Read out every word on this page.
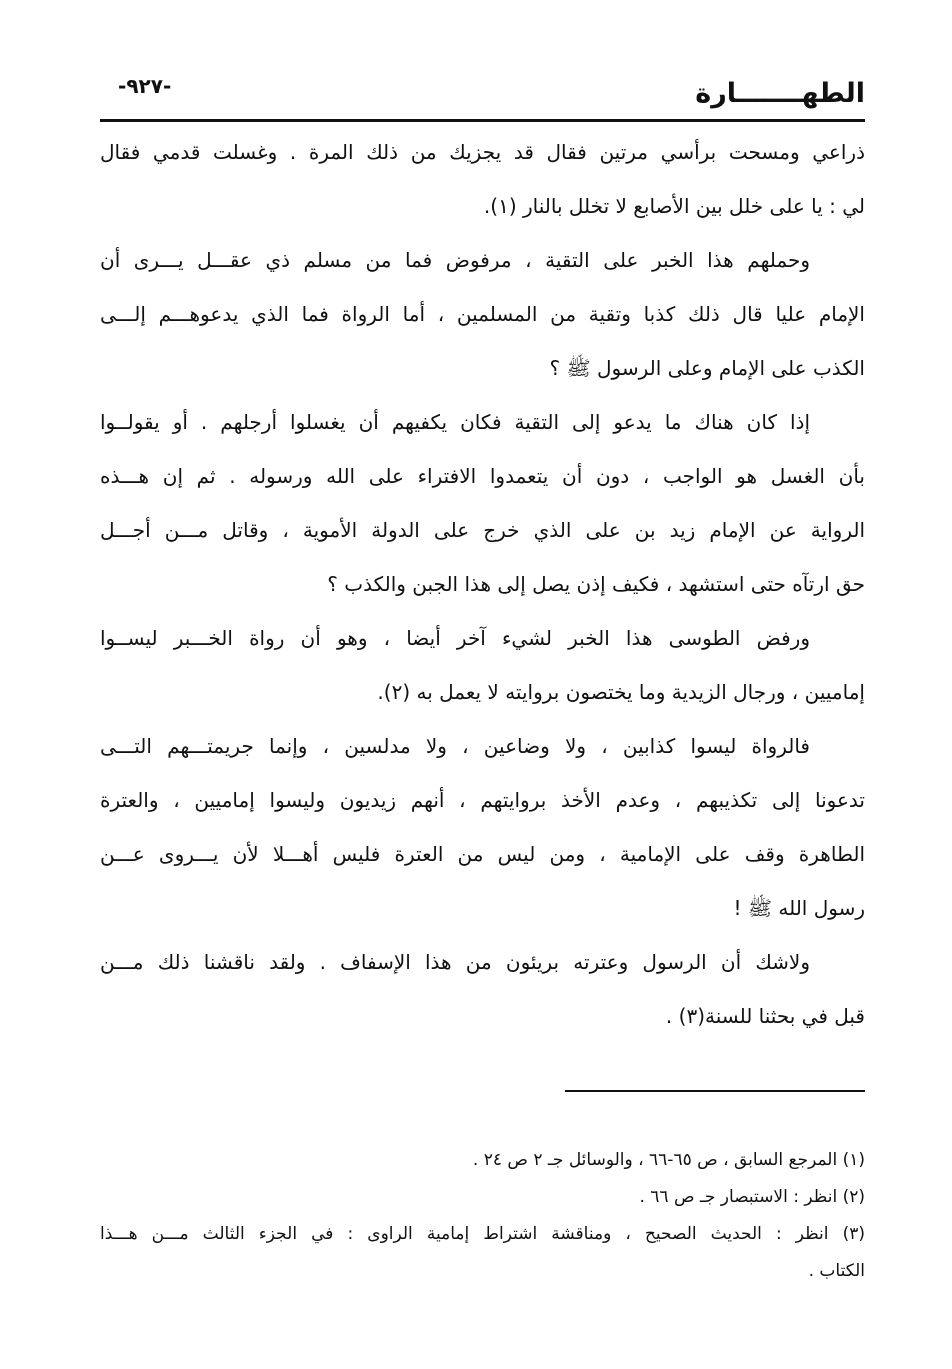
-٩٢٧-	الطهـــــــارة
ذراعي ومسحت برأسي مرتين فقال قد يجزيك من ذلك المرة . وغسلت قدمي فقال
لي : يا على خلل بين الأصابع لا تخلل بالنار (١).
وحملهم هذا الخبر على التقية ، مرفوض فما من مسلم ذي عقـــل يـــرى أن
الإمام عليا قال ذلك كذبا وتقية من المسلمين ، أما الرواة فما الذي يدعوهـــم إلـــى
الكذب على الإمام وعلى الرسول ﷺ ؟
إذا كان هناك ما يدعو إلى التقية فكان يكفيهم أن يغسلوا أرجلهم . أو يقولــوا
بأن الغسل هو الواجب ، دون أن يتعمدوا الافتراء على الله ورسوله . ثم إن هـــذه
الرواية عن الإمام زيد بن على الذي خرج على الدولة الأموية ، وقاتل مـــن أجـــل
حق ارتآه حتى استشهد ، فكيف إذن يصل إلى هذا الجبن والكذب ؟
ورفض الطوسى هذا الخبر لشيء آخر أيضا ، وهو أن رواة الخـــبر ليســوا
إماميين ، ورجال الزيدية وما يختصون بروايته لا يعمل به (٢).
فالرواة ليسوا كذابين ، ولا وضاعين ، ولا مدلسين ، وإنما جريمتـــهم التـــى
تدعونا إلى تكذيبهم ، وعدم الأخذ بروايتهم ، أنهم زيديون وليسوا إماميين ، والعترة
الطاهرة وقف على الإمامية ، ومن ليس من العترة فليس أهـــلا لأن يـــروى عـــن
رسول الله ﷺ !
ولاشك أن الرسول وعترته بريئون من هذا الإسفاف . ولقد ناقشنا ذلك مـــن
قبل في بحثنا للسنة(٣) .
(١) المرجع السابق ، ص ٦٥-٦٦ ، والوسائل جـ ٢ ص ٢٤ .
(٢) انظر : الاستبصار جـ ص ٦٦ .
(٣) انظر : الحديث الصحيح ، ومناقشة اشتراط إمامية الراوى : في الجزء الثالث مـــن هـــذا
الكتاب .
